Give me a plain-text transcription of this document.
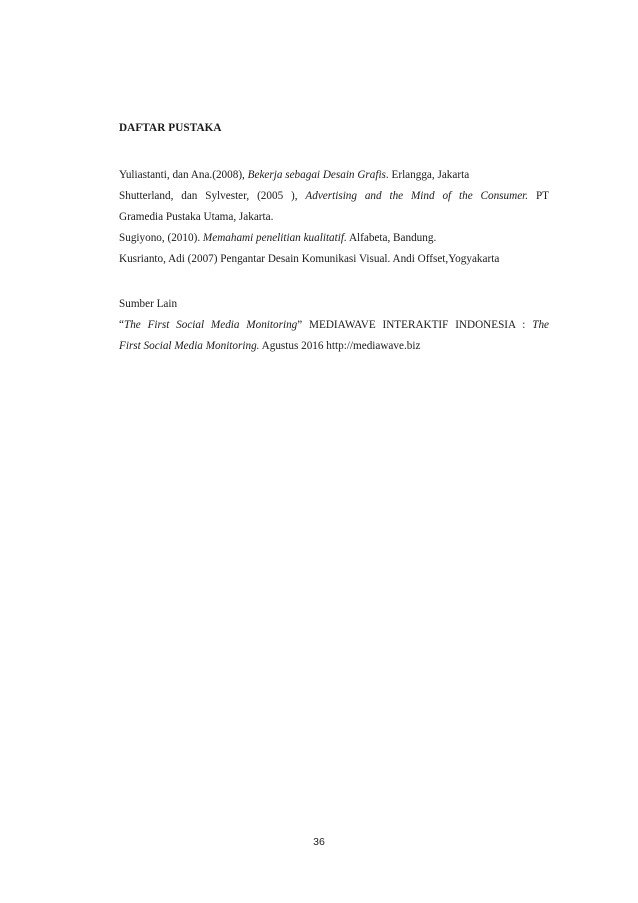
DAFTAR PUSTAKA

Yuliastanti, dan Ana.(2008), Bekerja sebagai Desain Grafis. Erlangga, Jakarta

Shutterland, dan Sylvester, (2005 ), Advertising and the Mind of the Consumer. PT
Gramedia Pustaka Utama, Jakarta.

Sugiyono, (2010). Memahami penelitian kualitatif. Alfabeta, Bandung.

Kusrianto, Adi (2007) Pengantar Desain Komunikasi Visual. Andi Offset,Yogyakarta

Sumber Lain

“The First Social Media Monitoring” MEDIAWAVE INTERAKTIF INDONESIA : The
First Social Media Monitoring. Agustus 2016 http://mediawave.biz

36
